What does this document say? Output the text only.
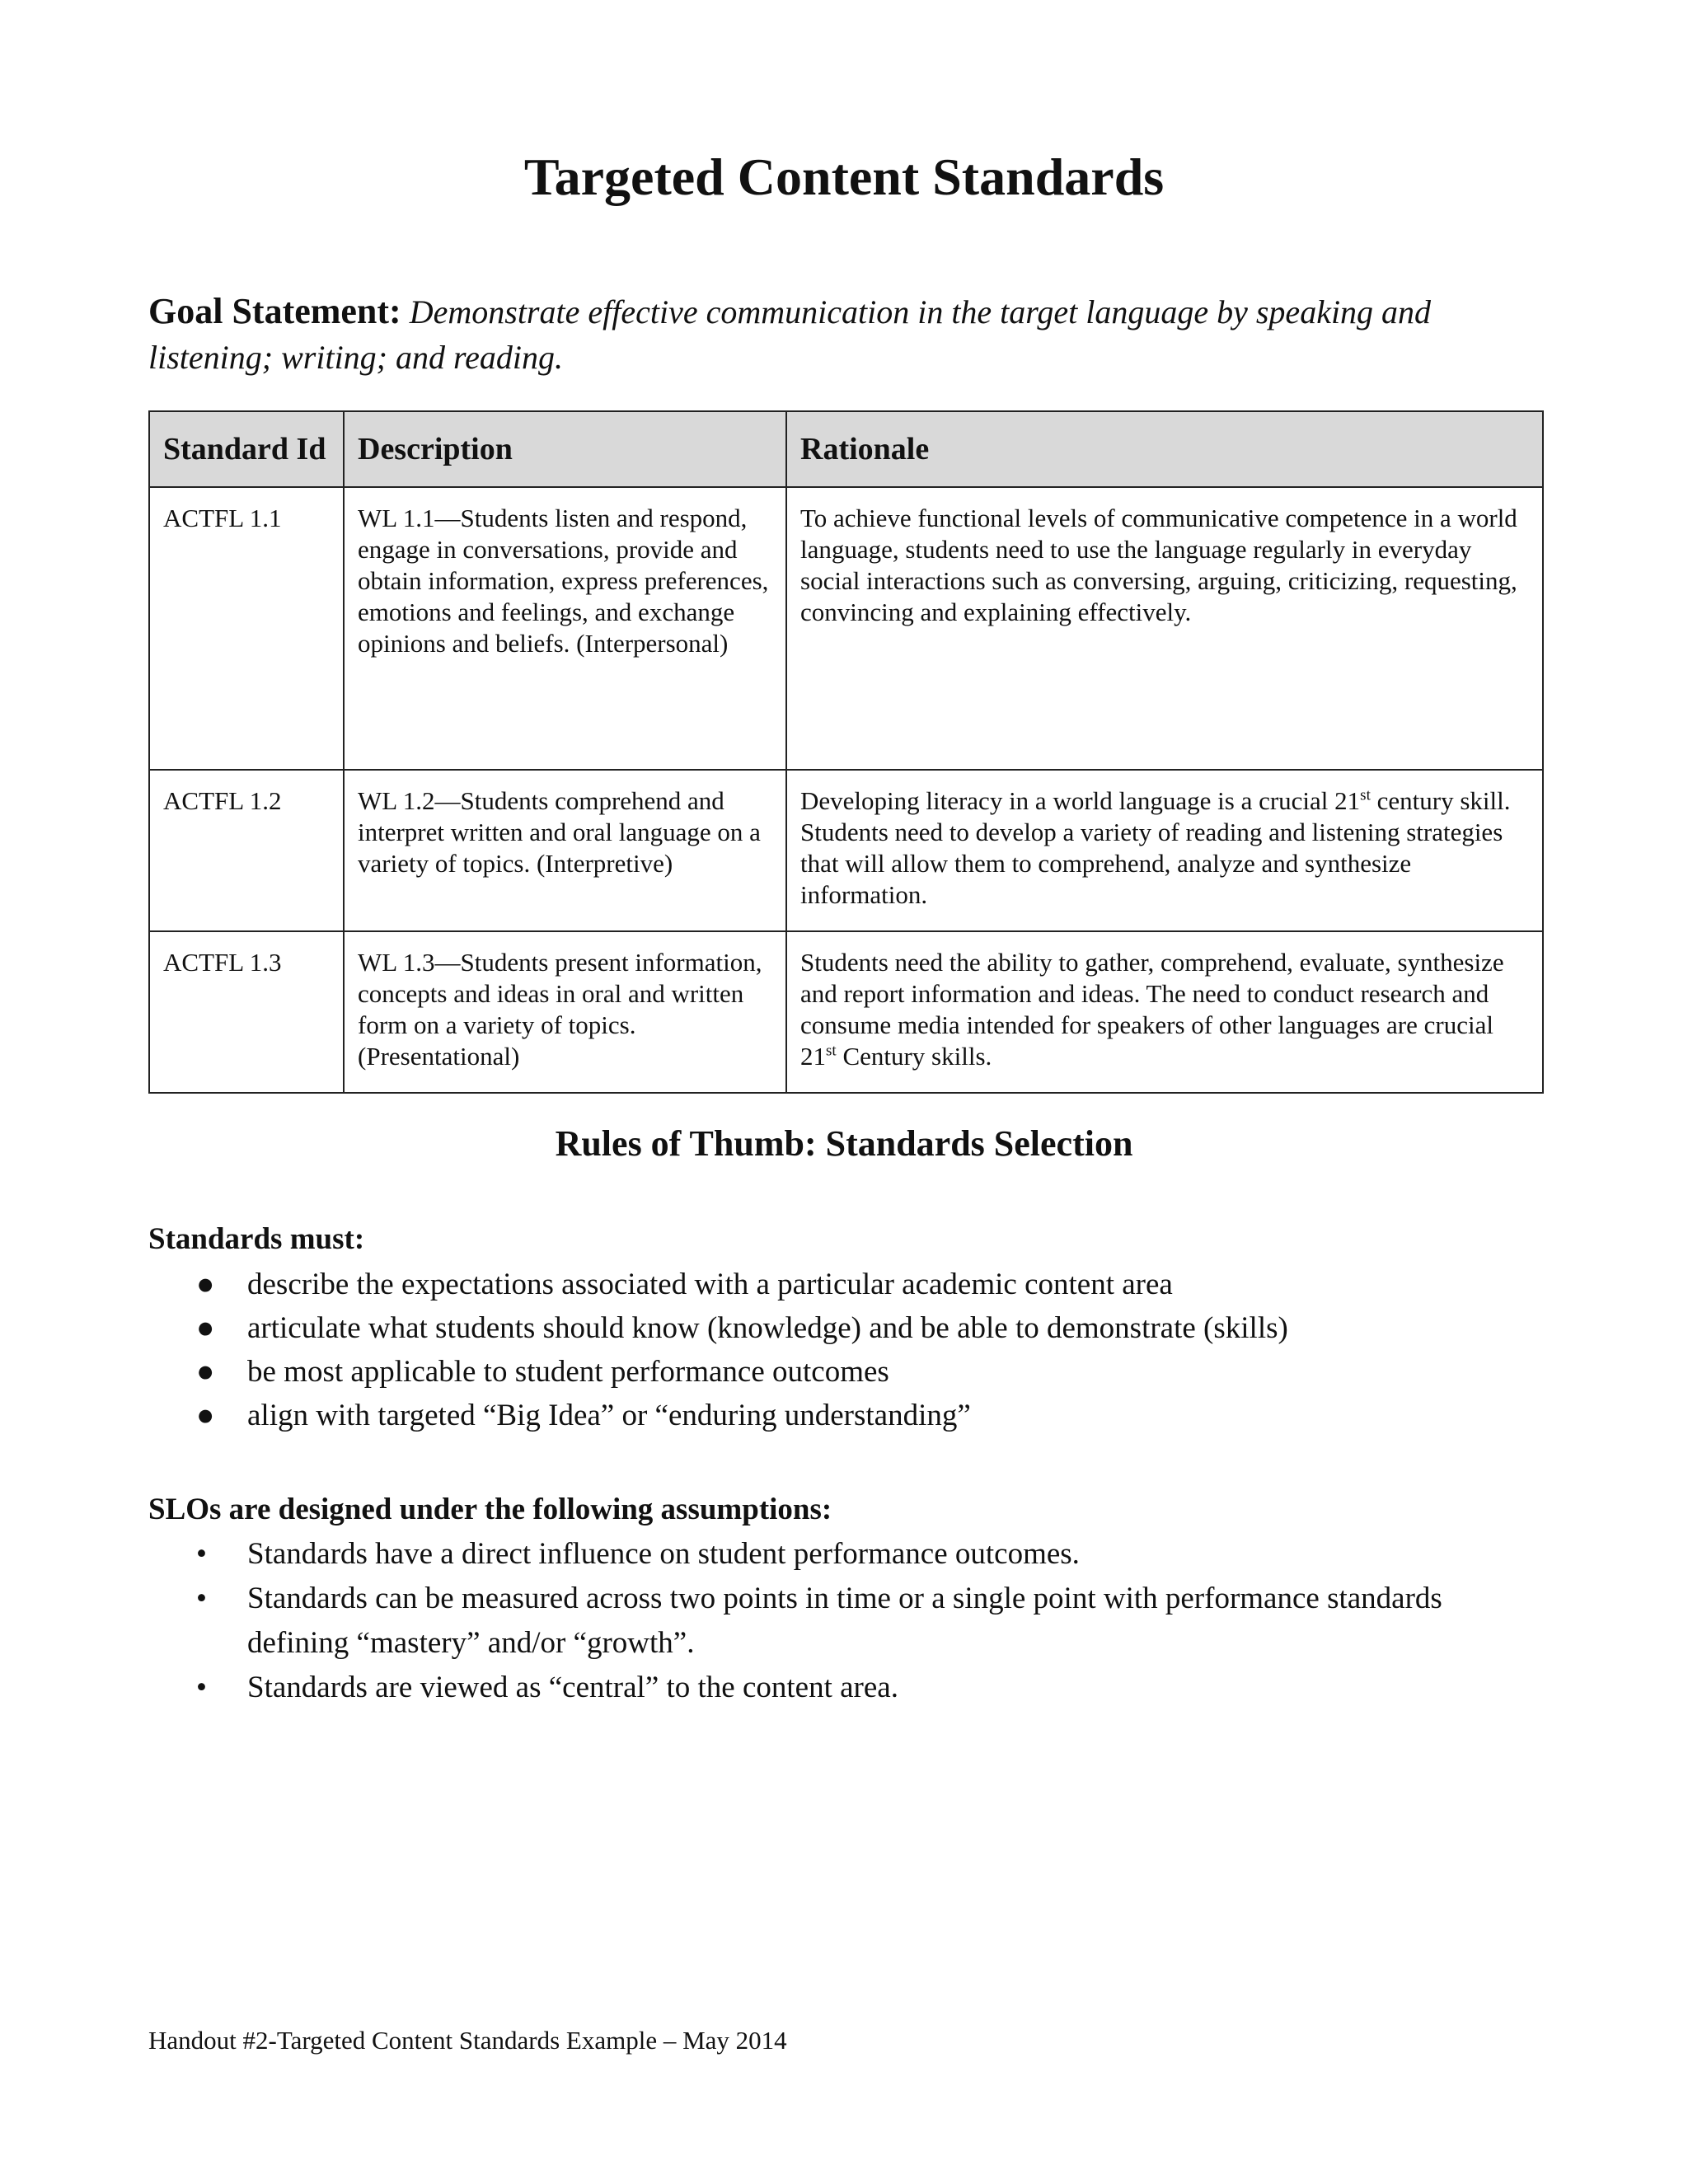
Targeted Content Standards
Goal Statement: Demonstrate effective communication in the target language by speaking and listening; writing; and reading.
Standard Id	Description	Rationale
ACTFL 1.1	WL 1.1—Students listen and respond, engage in conversations, provide and obtain information, express preferences, emotions and feelings, and exchange opinions and beliefs. (Interpersonal)	To achieve functional levels of communicative competence in a world language, students need to use the language regularly in everyday social interactions such as conversing, arguing, criticizing, requesting, convincing and explaining effectively.
ACTFL 1.2	WL 1.2—Students comprehend and interpret written and oral language on a variety of topics. (Interpretive)	Developing literacy in a world language is a crucial 21st century skill. Students need to develop a variety of reading and listening strategies that will allow them to comprehend, analyze and synthesize information.
ACTFL 1.3	WL 1.3—Students present information, concepts and ideas in oral and written form on a variety of topics. (Presentational)	Students need the ability to gather, comprehend, evaluate, synthesize and report information and ideas. The need to conduct research and consume media intended for speakers of other languages are crucial 21st Century skills.
Rules of Thumb: Standards Selection

Standards must:

● describe the expectations associated with a particular academic content area
● articulate what students should know (knowledge) and be able to demonstrate (skills)
● be most applicable to student performance outcomes
● align with targeted “Big Idea” or “enduring understanding”

SLOs are designed under the following assumptions:

• Standards have a direct influence on student performance outcomes.
• Standards can be measured across two points in time or a single point with performance standards defining “mastery” and/or “growth”.
• Standards are viewed as “central” to the content area.
Handout #2-Targeted Content Standards Example – May 2014
